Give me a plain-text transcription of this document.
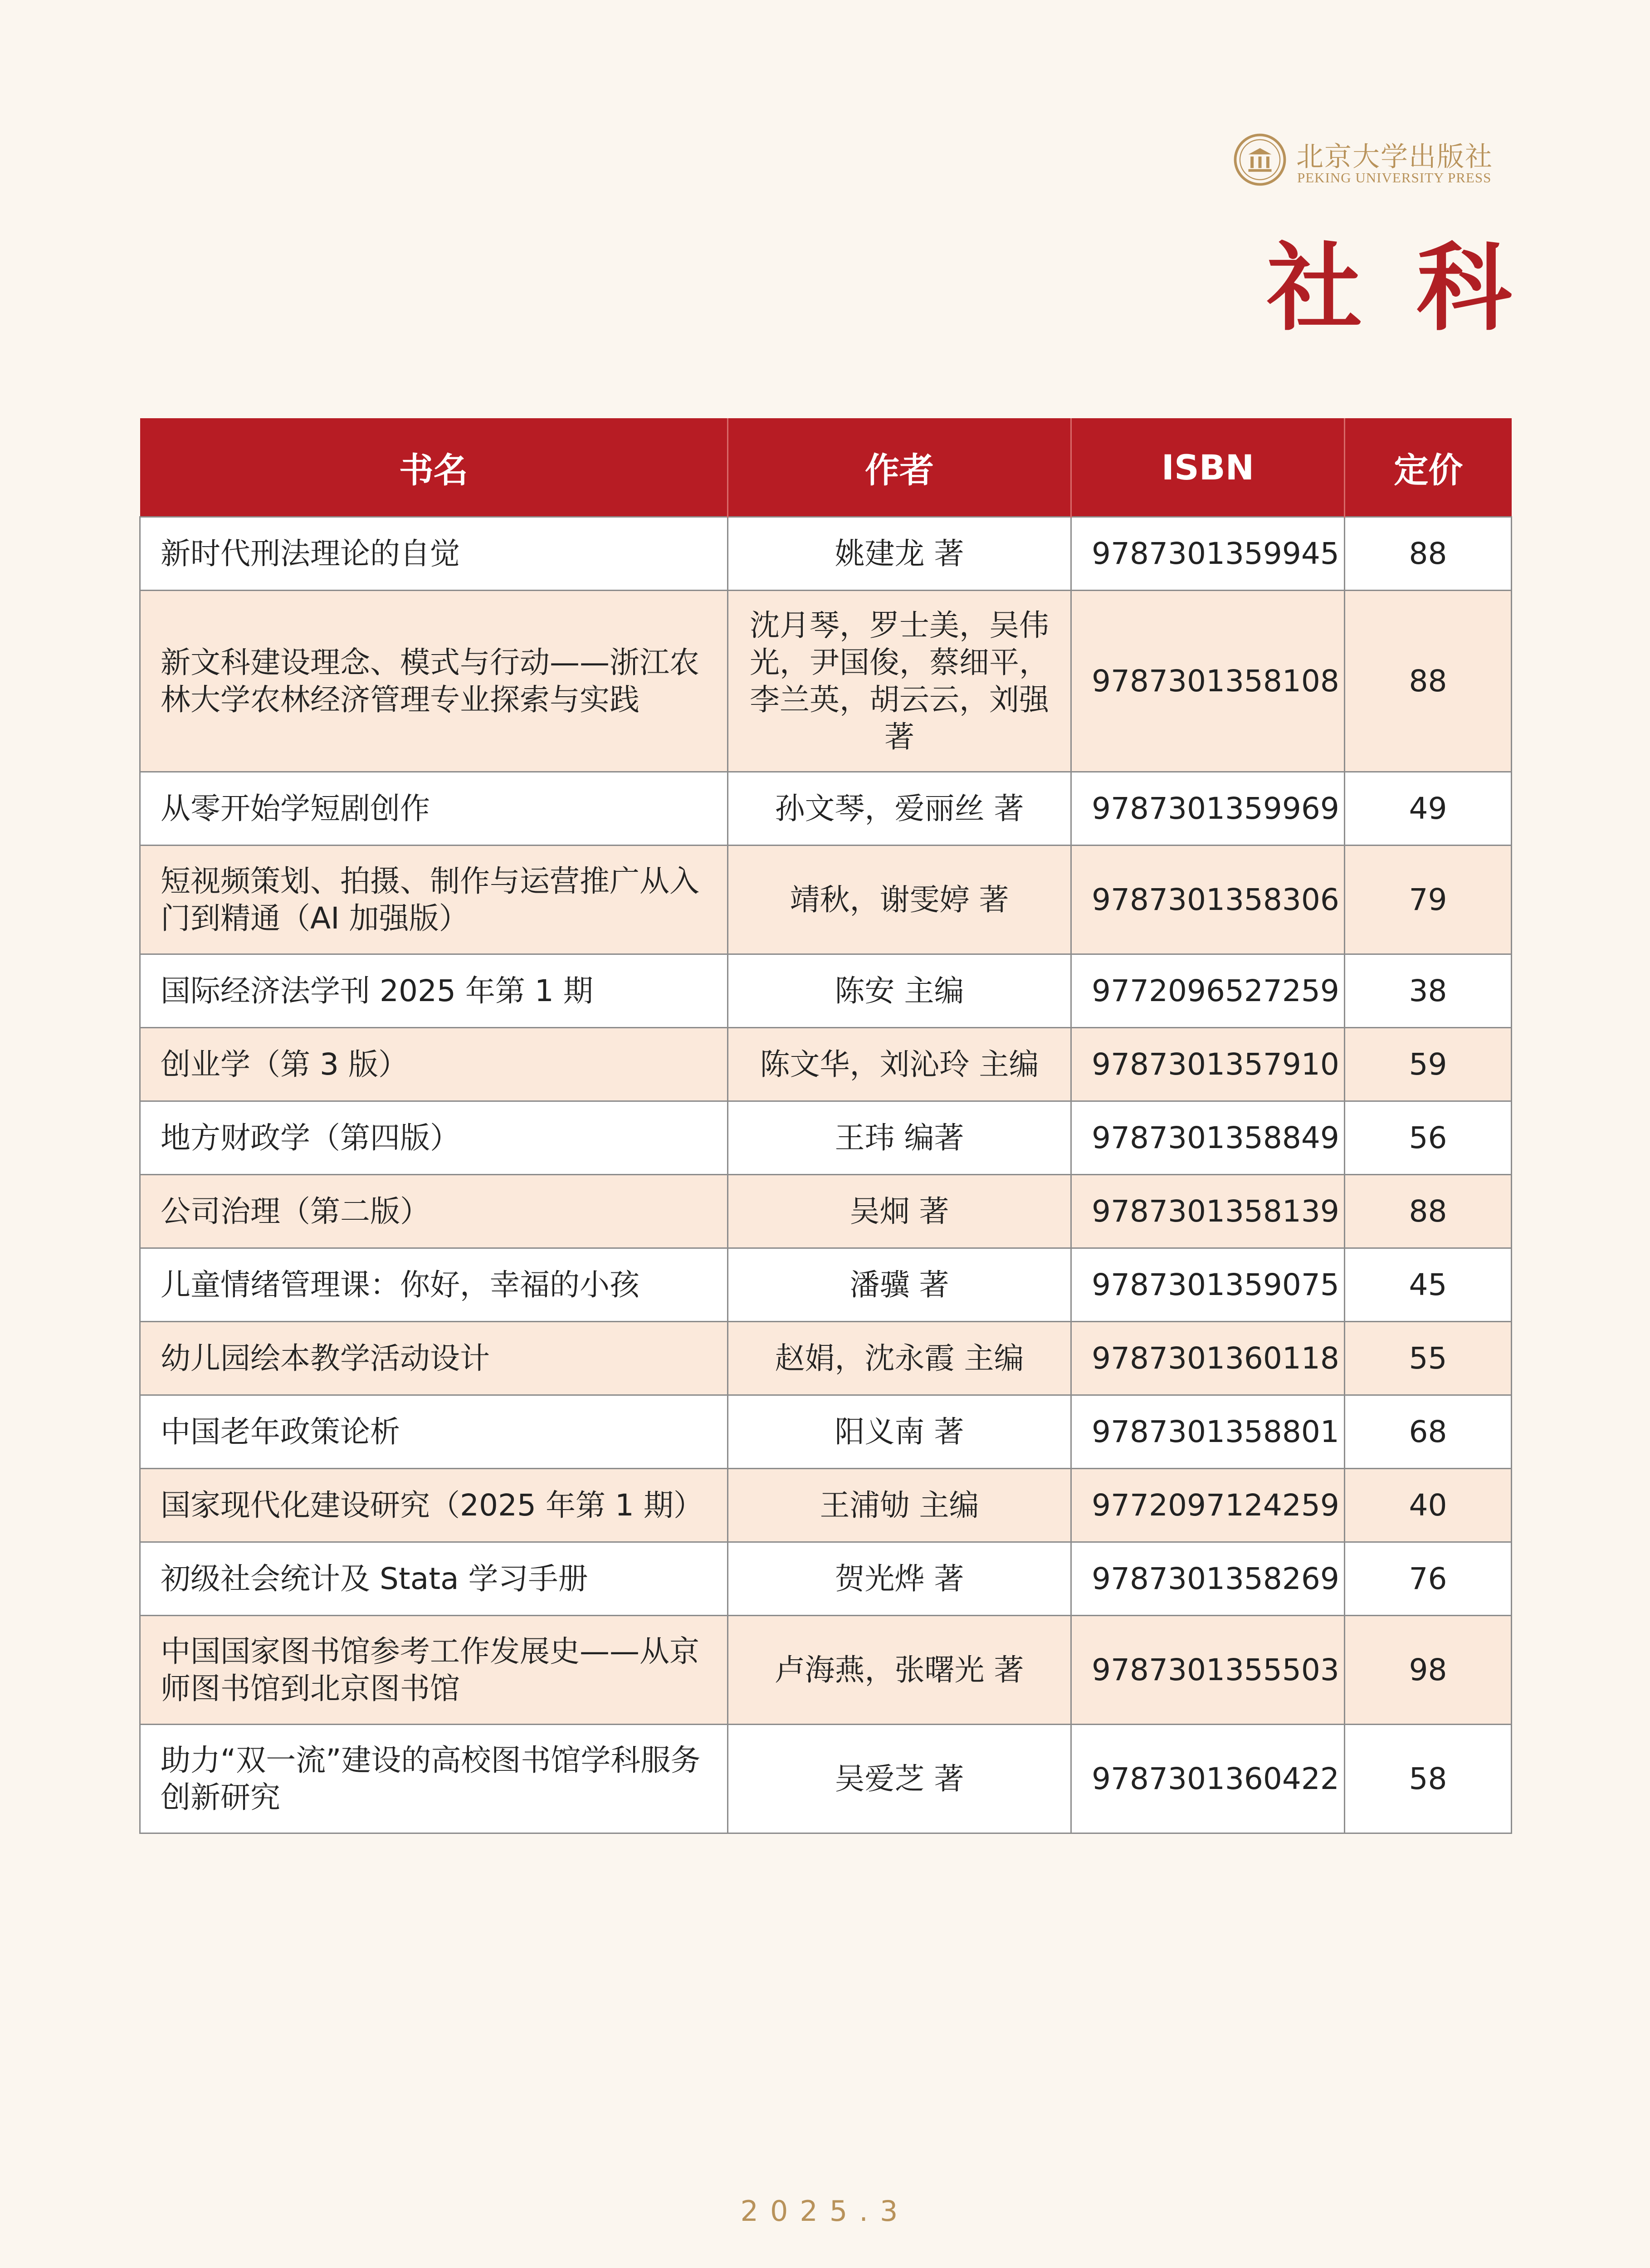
北京大学出版社
PEKING UNIVERSITY PRESS
社科
书名	作者	ISBN	定价
新时代刑法理论的自觉	姚建龙 著	9787301359945	88
新文科建设理念、模式与行动——浙江农林大学农林经济管理专业探索与实践	沈月琴，罗士美，吴伟光，尹国俊，蔡细平，李兰英，胡云云，刘强 著	9787301358108	88
从零开始学短剧创作	孙文琴，爱丽丝 著	9787301359969	49
短视频策划、拍摄、制作与运营推广从入门到精通（AI 加强版）	靖秋，谢雯婷 著	9787301358306	79
国际经济法学刊 2025 年第 1 期	陈安 主编	9772096527259	38
创业学（第 3 版）	陈文华，刘沁玲 主编	9787301357910	59
地方财政学（第四版）	王玮 编著	9787301358849	56
公司治理（第二版）	吴炯 著	9787301358139	88
儿童情绪管理课：你好，幸福的小孩	潘骥 著	9787301359075	45
幼儿园绘本教学活动设计	赵娟，沈永霞 主编	9787301360118	55
中国老年政策论析	阳义南 著	9787301358801	68
国家现代化建设研究（2025 年第 1 期）	王浦劬 主编	9772097124259	40
初级社会统计及 Stata 学习手册	贺光烨 著	9787301358269	76
中国国家图书馆参考工作发展史——从京师图书馆到北京图书馆	卢海燕，张曙光 著	9787301355503	98
助力“双一流”建设的高校图书馆学科服务创新研究	吴爱芝 著	9787301360422	58
2025.3
